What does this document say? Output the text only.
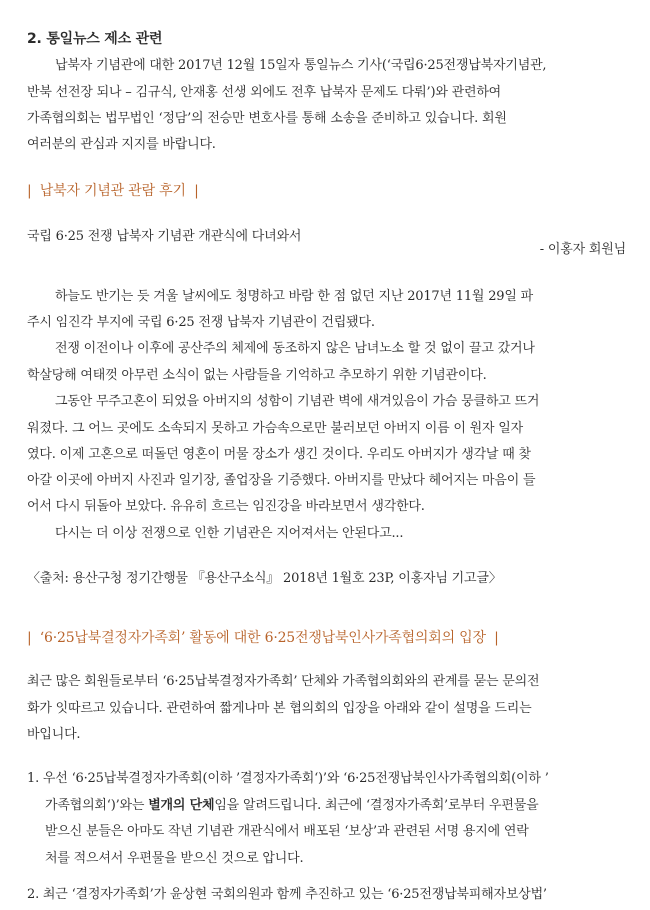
2. 통일뉴스 제소 관련
납북자 기념관에 대한 2017년 12월 15일자 통일뉴스 기사(‘국립6·25전쟁납북자기념관,
반북 선전장 되나 – 김규식, 안재홍 선생 외에도 전후 납북자 문제도 다뤄’)와 관련하여
가족협의회는 법무법인 ‘정담’의 전승만 변호사를 통해 소송을 준비하고 있습니다. 회원
여러분의 관심과 지지를 바랍니다.
| 납북자 기념관 관람 후기 |
국립 6·25 전쟁 납북자 기념관 개관식에 다녀와서
- 이홍자 회원님
하늘도 반기는 듯 겨울 날씨에도 청명하고 바람 한 점 없던 지난 2017년 11월 29일 파
주시 임진각 부지에 국립 6·25 전쟁 납북자 기념관이 건립됐다.
전쟁 이전이나 이후에 공산주의 체제에 동조하지 않은 남녀노소 할 것 없이 끌고 갔거나
학살당해 여태껏 아무런 소식이 없는 사람들을 기억하고 추모하기 위한 기념관이다.
그동안 무주고혼이 되었을 아버지의 성함이 기념관 벽에 새겨있음이 가슴 뭉클하고 뜨거
워졌다. 그 어느 곳에도 소속되지 못하고 가슴속으로만 불러보던 아버지 이름 이 원자 일자
였다. 이제 고혼으로 떠돌던 영혼이 머물 장소가 생긴 것이다. 우리도 아버지가 생각날 때 찾
아갈 이곳에 아버지 사진과 일기장, 졸업장을 기증했다. 아버지를 만났다 헤어지는 마음이 들
어서 다시 뒤돌아 보았다. 유유히 흐르는 임진강을 바라보면서 생각한다.
다시는 더 이상 전쟁으로 인한 기념관은 지어져서는 안된다고...
〈출처: 용산구청 정기간행물 『용산구소식』 2018년 1월호 23P, 이홍자님 기고글〉
| ‘6·25납북결정자가족회’ 활동에 대한 6·25전쟁납북인사가족협의회의 입장 |
최근 많은 회원들로부터 ‘6·25납북결정자가족회’ 단체와 가족협의회와의 관계를 묻는 문의전
화가 잇따르고 있습니다. 관련하여 짧게나마 본 협의회의 입장을 아래와 같이 설명을 드리는
바입니다.
1. 우선 ‘6·25납북결정자가족회(이하 ’결정자가족회‘)’와 ‘6·25전쟁납북인사가족협의회(이하 ’
가족협의회‘)’와는 별개의 단체임을 알려드립니다. 최근에 ‘결정자가족회’로부터 우편물을
받으신 분들은 아마도 작년 기념관 개관식에서 배포된 ‘보상’과 관련된 서명 용지에 연락
처를 적으셔서 우편물을 받으신 것으로 압니다.
2. 최근 ‘결정자가족회’가 윤상현 국회의원과 함께 추진하고 있는 ‘6·25전쟁납북피해자보상법’
